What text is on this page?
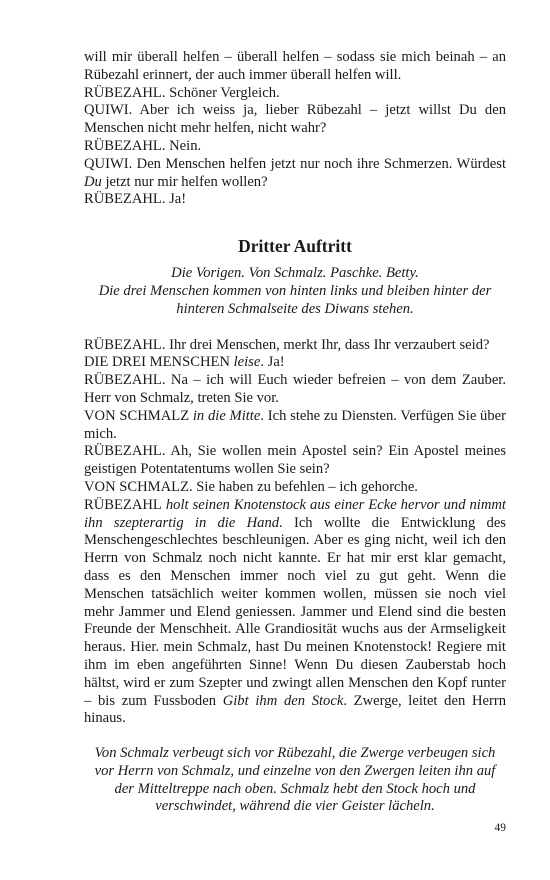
will mir überall helfen – überall helfen – sodass sie mich beinah – an Rübezahl erinnert, der auch immer überall helfen will.

RÜBEZAHL. Schöner Vergleich.

QUIWI. Aber ich weiss ja, lieber Rübezahl – jetzt willst Du den Menschen nicht mehr helfen, nicht wahr?

RÜBEZAHL. Nein.

QUIWI. Den Menschen helfen jetzt nur noch ihre Schmerzen. Würdest Du jetzt nur mir helfen wollen?

RÜBEZAHL. Ja!

Dritter Auftritt

Die Vorigen. Von Schmalz. Paschke. Betty.

Die drei Menschen kommen von hinten links und bleiben hinter der hinteren Schmalseite des Diwans stehen.

RÜBEZAHL. Ihr drei Menschen, merkt Ihr, dass Ihr verzaubert seid?

DIE DREI MENSCHEN leise. Ja!

RÜBEZAHL. Na – ich will Euch wieder befreien – von dem Zauber. Herr von Schmalz, treten Sie vor.

VON SCHMALZ in die Mitte. Ich stehe zu Diensten. Verfügen Sie über mich.

RÜBEZAHL. Ah, Sie wollen mein Apostel sein? Ein Apostel meines geistigen Potentatentums wollen Sie sein?

VON SCHMALZ. Sie haben zu befehlen – ich gehorche.

RÜBEZAHL holt seinen Knotenstock aus einer Ecke hervor und nimmt ihn szepterartig in die Hand. Ich wollte die Entwicklung des Menschengeschlechtes beschleunigen. Aber es ging nicht, weil ich den Herrn von Schmalz noch nicht kannte. Er hat mir erst klar gemacht, dass es den Menschen immer noch viel zu gut geht. Wenn die Menschen tatsächlich weiter kommen wollen, müssen sie noch viel mehr Jammer und Elend geniessen. Jammer und Elend sind die besten Freunde der Menschheit. Alle Grandiosität wuchs aus der Armseligkeit heraus. Hier. mein Schmalz, hast Du meinen Knotenstock! Regiere mit ihm im eben angeführten Sinne! Wenn Du diesen Zauberstab hoch hältst, wird er zum Szepter und zwingt allen Menschen den Kopf runter – bis zum Fussboden Gibt ihm den Stock. Zwerge, leitet den Herrn hinaus.

Von Schmalz verbeugt sich vor Rübezahl, die Zwerge verbeugen sich vor Herrn von Schmalz, und einzelne von den Zwergen leiten ihn auf der Mitteltreppe nach oben. Schmalz hebt den Stock hoch und verschwindet, während die vier Geister lächeln.

49
